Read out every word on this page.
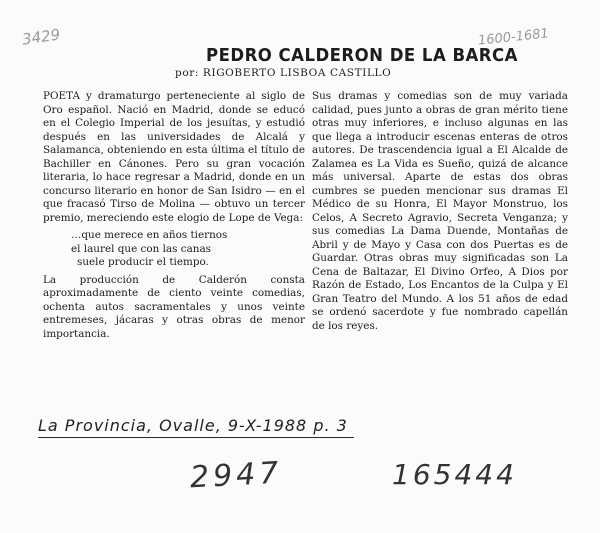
3429	1600-1681
PEDRO CALDERON DE LA BARCA
por: RIGOBERTO LISBOA CASTILLO

POETA y dramaturgo perteneciente al siglo de Oro español. Nació en Madrid, donde se educó en el Colegio Imperial de los jesuítas, y estudió después en las universidades de Alcalá y Salamanca, obteniendo en esta última el título de Bachiller en Cánones. Pero su gran vocación literaria, lo hace regresar a Madrid, donde en un concurso literario en honor de San Isidro — en el que fracasó Tirso de Molina — obtuvo un tercer premio, mereciendo este elogio de Lope de Vega:

…que merece en años tiernos
el laurel que con las canas
suele producir el tiempo.

La producción de Calderón consta aproximadamente de ciento veinte comedias, ochenta autos sacramentales y unos veinte entremeses, jácaras y otras obras de menor importancia.

Sus dramas y comedias son de muy variada calidad, pues junto a obras de gran mérito tiene otras muy inferiores, e incluso algunas en las que llega a introducir escenas enteras de otros autores. De trascendencia igual a El Alcalde de Zalamea es La Vida es Sueño, quizá de alcance más universal. Aparte de estas dos obras cumbres se pueden mencionar sus dramas El Médico de su Honra, El Mayor Monstruo, los Celos, A Secreto Agravio, Secreta Venganza; y sus comedias La Dama Duende, Montañas de Abril y de Mayo y Casa con dos Puertas es de Guardar. Otras obras muy significadas son La Cena de Baltazar, El Divino Orfeo, A Dios por Razón de Estado, Los Encantos de la Culpa y El Gran Teatro del Mundo. A los 51 años de edad se ordenó sacerdote y fue nombrado capellán de los reyes.

La Provincia, Ovalle, 9-X-1988 p. 3
2947	165444
